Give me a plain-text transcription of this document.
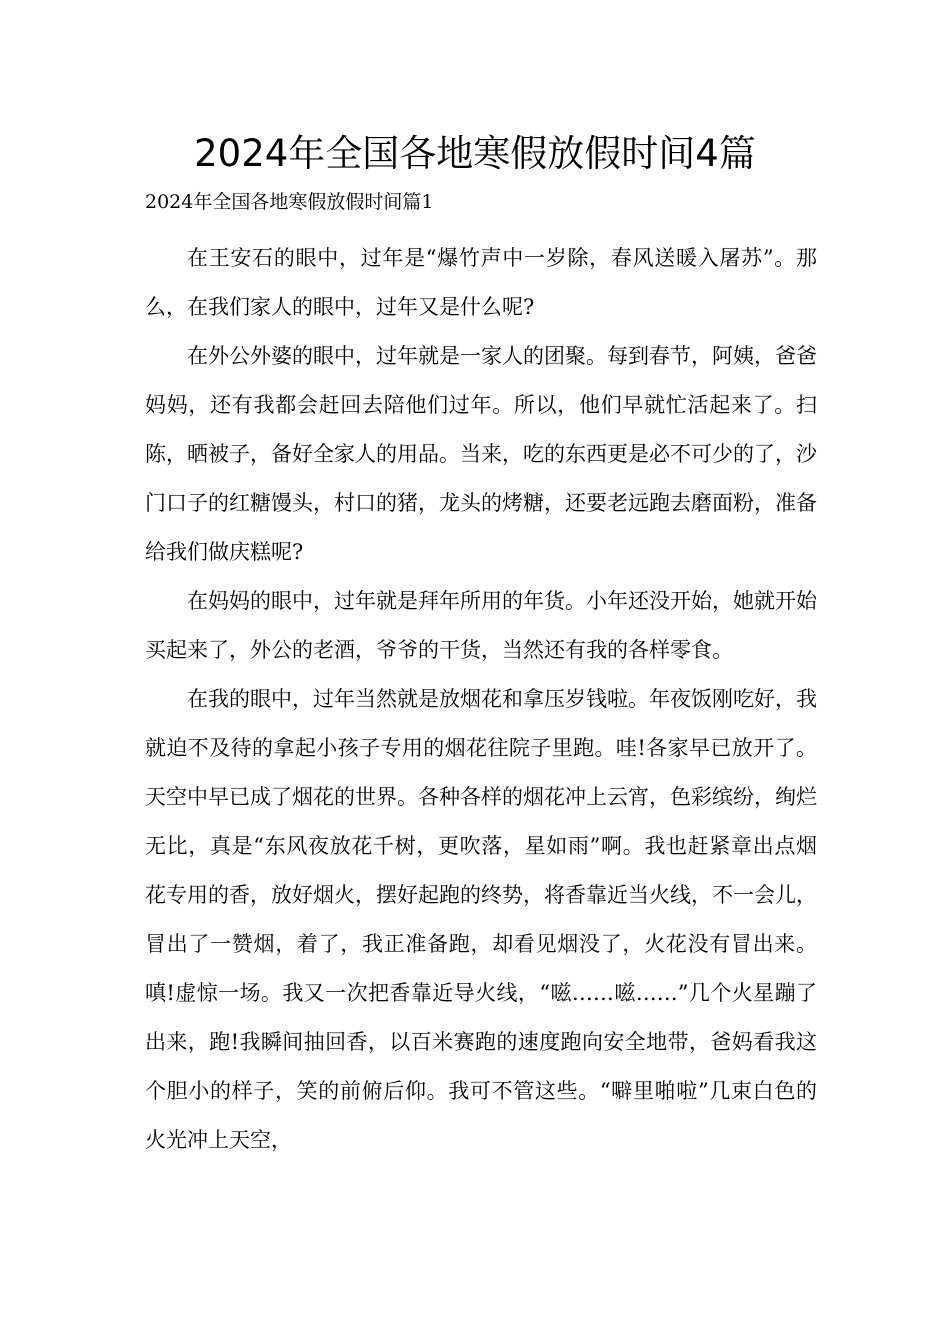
2024年全国各地寒假放假时间4篇
2024年全国各地寒假放假时间篇1

在王安石的眼中，过年是“爆竹声中一岁除，春风送暖入屠苏”。那么，在我们家人的眼中，过年又是什么呢?

在外公外婆的眼中，过年就是一家人的团聚。每到春节，阿姨，爸爸妈妈，还有我都会赶回去陪他们过年。所以，他们早就忙活起来了。扫陈，晒被子，备好全家人的用品。当来，吃的东西更是必不可少的了，沙门口子的红糖馒头，村口的猪，龙头的烤糖，还要老远跑去磨面粉，准备给我们做庆糕呢?

在妈妈的眼中，过年就是拜年所用的年货。小年还没开始，她就开始买起来了，外公的老酒，爷爷的干货，当然还有我的各样零食。

在我的眼中，过年当然就是放烟花和拿压岁钱啦。年夜饭刚吃好，我就迫不及待的拿起小孩子专用的烟花往院子里跑。哇!各家早已放开了。天空中早已成了烟花的世界。各种各样的烟花冲上云宵，色彩缤纷，绚烂无比，真是“东风夜放花千树，更吹落，星如雨”啊。我也赶紧章出点烟花专用的香，放好烟火，摆好起跑的终势，将香靠近当火线，不一会儿，冒出了一赞烟，着了，我正准备跑，却看见烟没了，火花没有冒出来。嗔!虚惊一场。我又一次把香靠近导火线，“嗞……嗞……”几个火星蹦了出来，跑!我瞬间抽回香，以百米赛跑的速度跑向安全地带，爸妈看我这个胆小的样子，笑的前俯后仰。我可不管这些。“噼里啪啦”几束白色的火光冲上天空，
